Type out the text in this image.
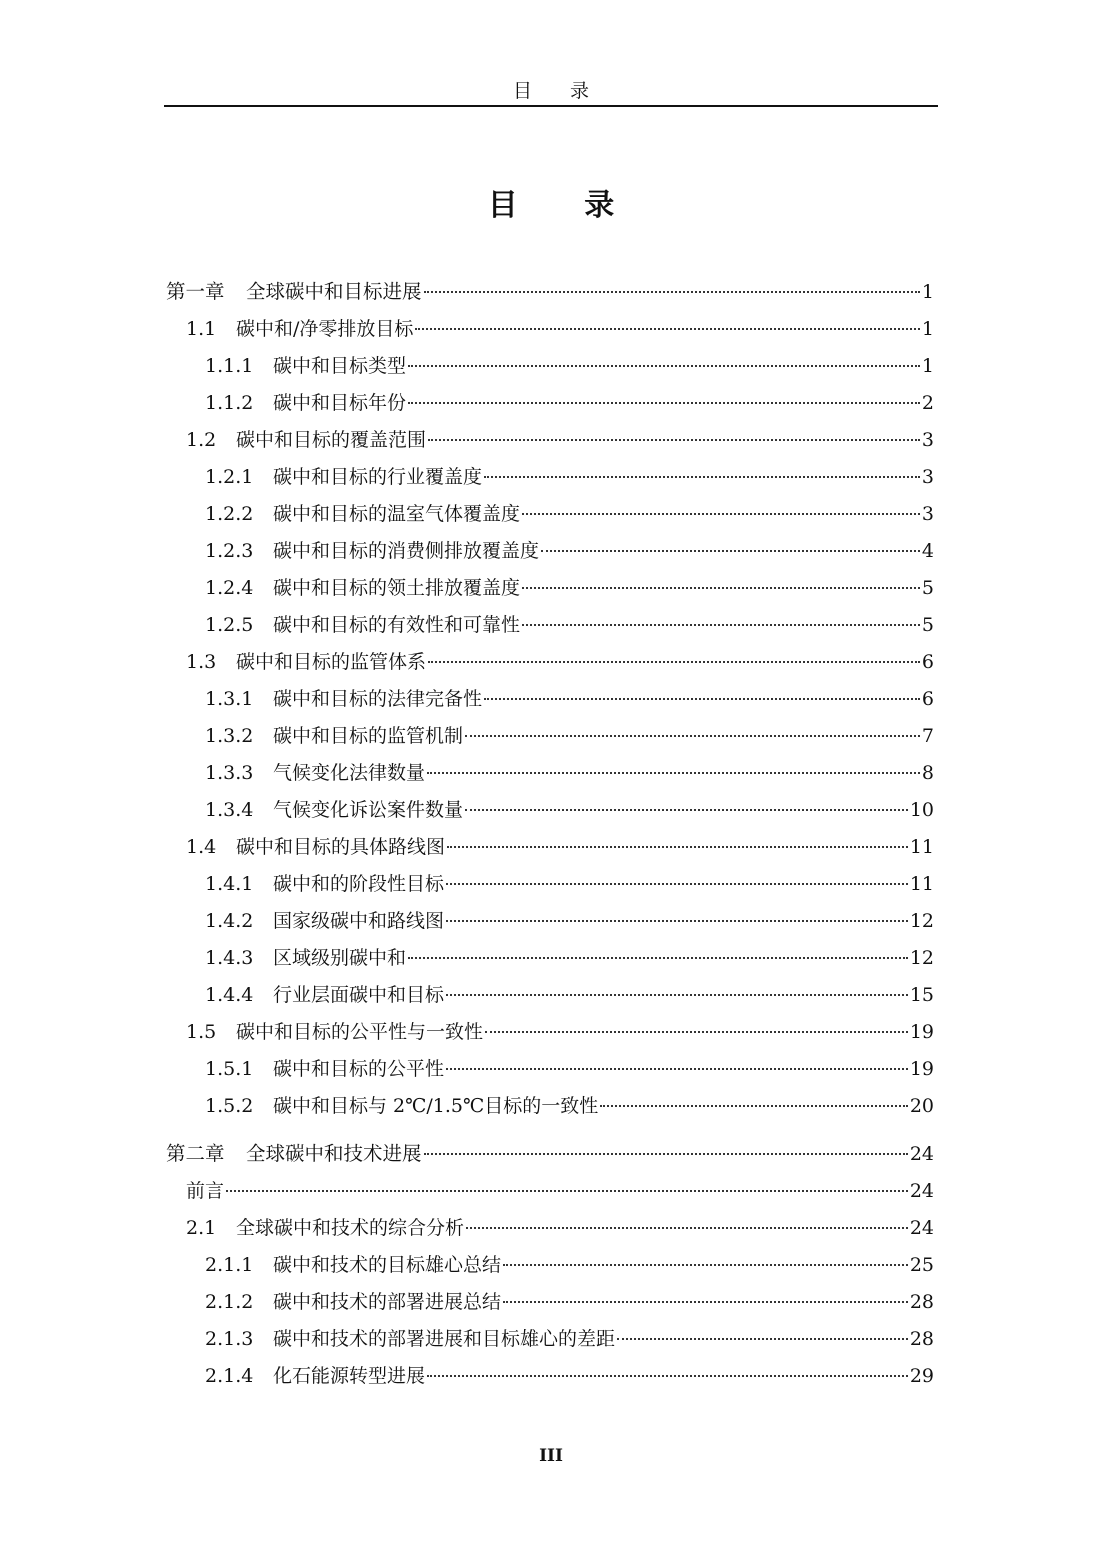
目 录
目 录
第一章	全球碳中和目标进展	1
1.1	碳中和/净零排放目标	1
1.1.1	碳中和目标类型	1
1.1.2	碳中和目标年份	2
1.2	碳中和目标的覆盖范围	3
1.2.1	碳中和目标的行业覆盖度	3
1.2.2	碳中和目标的温室气体覆盖度	3
1.2.3	碳中和目标的消费侧排放覆盖度	4
1.2.4	碳中和目标的领土排放覆盖度	5
1.2.5	碳中和目标的有效性和可靠性	5
1.3	碳中和目标的监管体系	6
1.3.1	碳中和目标的法律完备性	6
1.3.2	碳中和目标的监管机制	7
1.3.3	气候变化法律数量	8
1.3.4	气候变化诉讼案件数量	10
1.4	碳中和目标的具体路线图	11
1.4.1	碳中和的阶段性目标	11
1.4.2	国家级碳中和路线图	12
1.4.3	区域级别碳中和	12
1.4.4	行业层面碳中和目标	15
1.5	碳中和目标的公平性与一致性	19
1.5.1	碳中和目标的公平性	19
1.5.2	碳中和目标与 2℃/1.5℃目标的一致性	20
第二章	全球碳中和技术进展	24
前言	24
2.1	全球碳中和技术的综合分析	24
2.1.1	碳中和技术的目标雄心总结	25
2.1.2	碳中和技术的部署进展总结	28
2.1.3	碳中和技术的部署进展和目标雄心的差距	28
2.1.4	化石能源转型进展	29
III
